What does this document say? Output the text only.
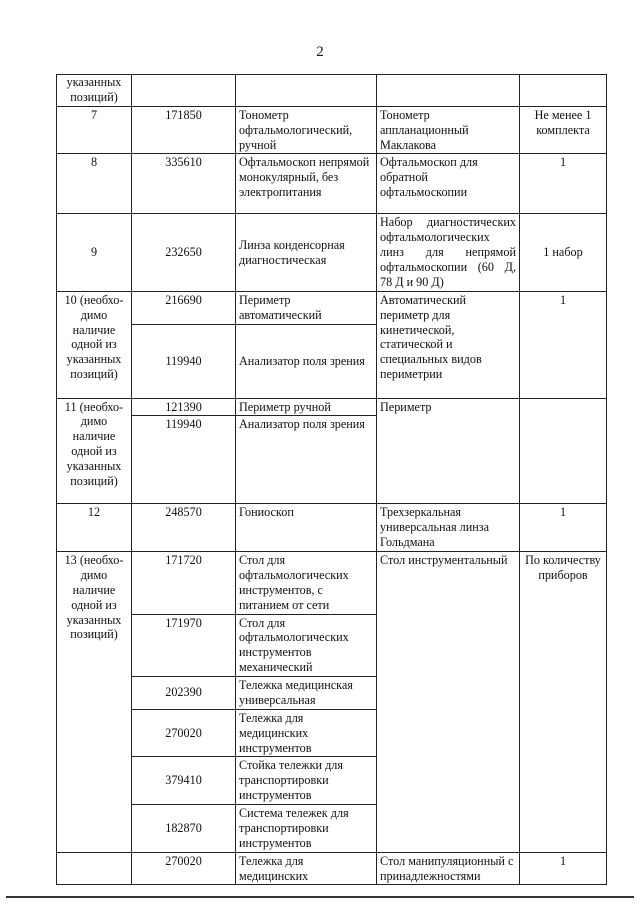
2
указанных позиций)				
7	171850	Тонометр офтальмологический, ручной	Тонометр аппланационный Маклакова	Не менее 1 комплекта
8	335610	Офтальмоскоп непрямой монокулярный, без электропитания	Офтальмоскоп для обратной офтальмоскопии	1
9	232650	Линза конденсорная диагностическая	Набор диагностических офтальмологических линз для непрямой офтальмоскопии (60 Д, 78 Д и 90 Д)	1 набор
10 (необхо-димо наличие одной из указанных позиций)	216690	Периметр автоматический	Автоматический периметр для кинетической, статической и специальных видов периметрии	1
	119940	Анализатор поля зрения		
11 (необхо-димо наличие одной из указанных позиций)	121390	Периметр ручной	Периметр	
	119940	Анализатор поля зрения		
12	248570	Гониоскоп	Трехзеркальная универсальная линза Гольдмана	1
13 (необхо-димо наличие одной из указанных позиций)	171720	Стол для офтальмологических инструментов, с питанием от сети	Стол инструментальный	По количеству приборов
	171970	Стол для офтальмологических инструментов механический		
	202390	Тележка медицинская универсальная		
	270020	Тележка для медицинских инструментов		
	379410	Стойка тележки для транспортировки инструментов		
	182870	Система тележек для транспортировки инструментов		
	270020	Тележка для медицинских	Стол манипуляционный с принадлежностями	1
